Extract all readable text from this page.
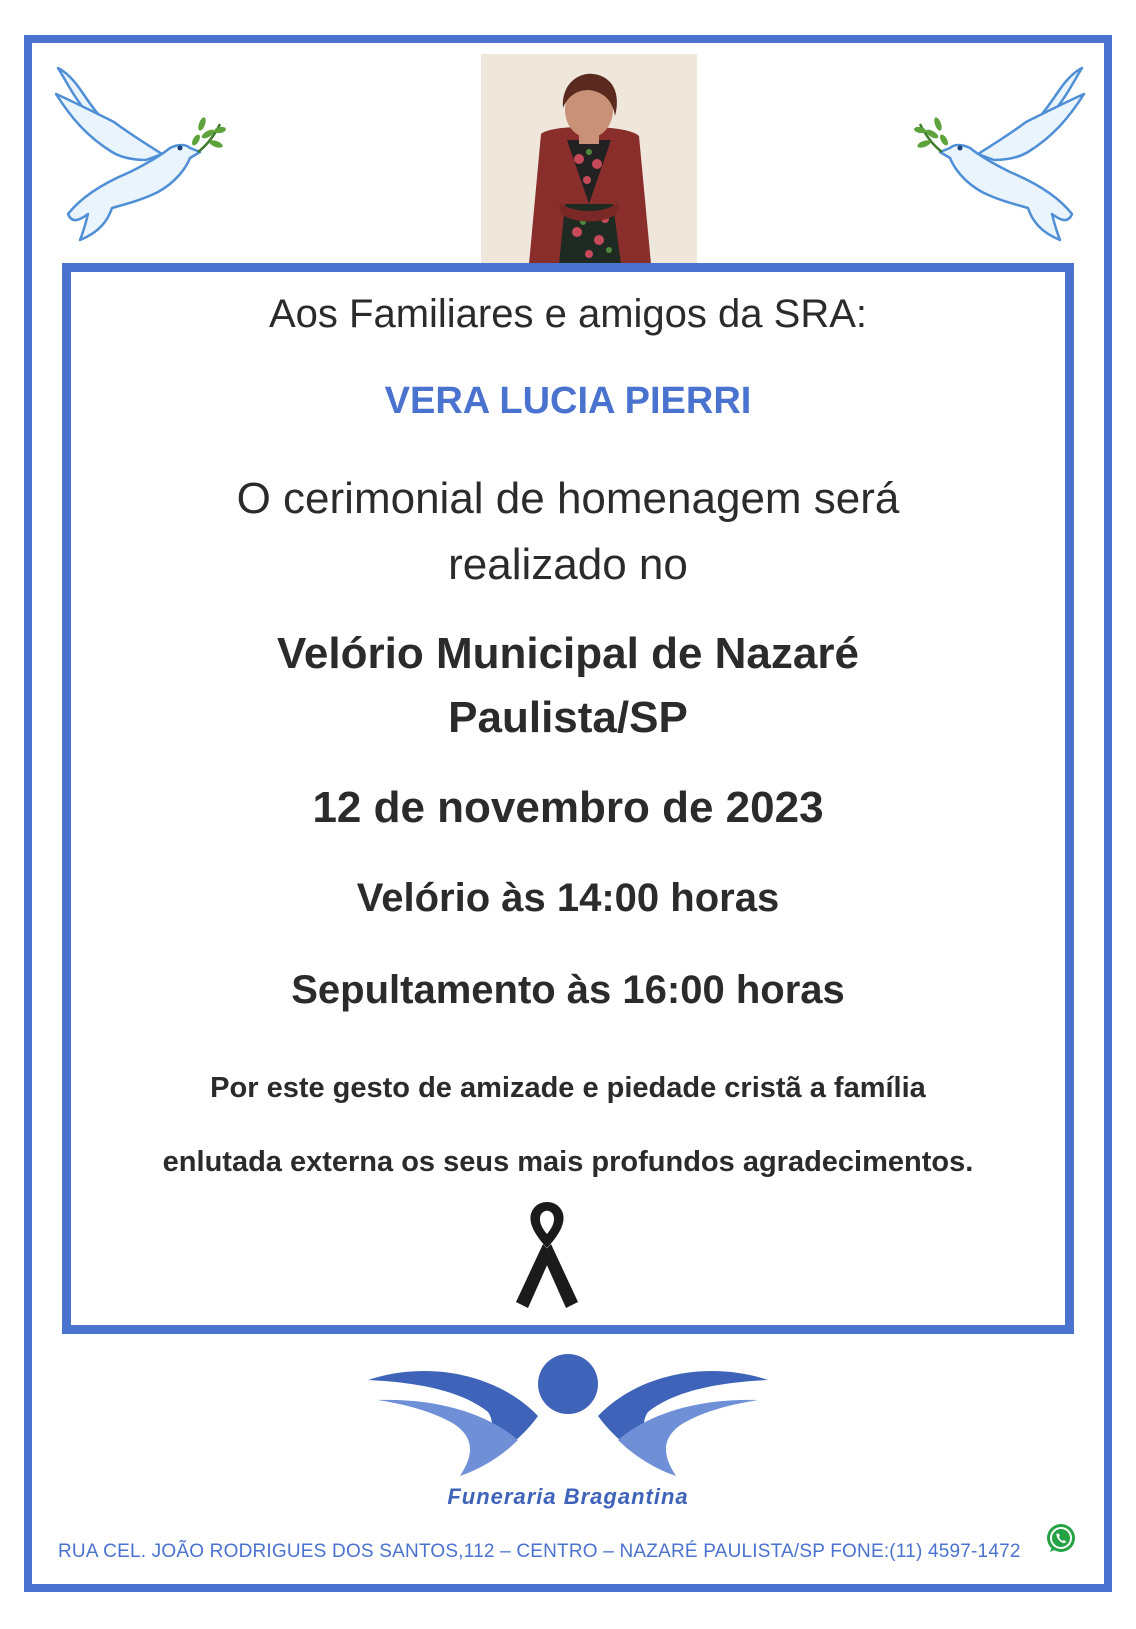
Aos Familiares e amigos da SRA:

VERA LUCIA PIERRI

O cerimonial de homenagem será
realizado no
Velório Municipal de Nazaré
Paulista/SP

12 de novembro de 2023

Velório às 14:00 horas

Sepultamento às 16:00 horas

Por este gesto de amizade e piedade cristã a família
enlutada externa os seus mais profundos agradecimentos.

Funeraria Bragantina

RUA CEL. JOÃO RODRIGUES DOS SANTOS,112 – CENTRO – NAZARÉ PAULISTA/SP FONE:(11) 4597-1472
